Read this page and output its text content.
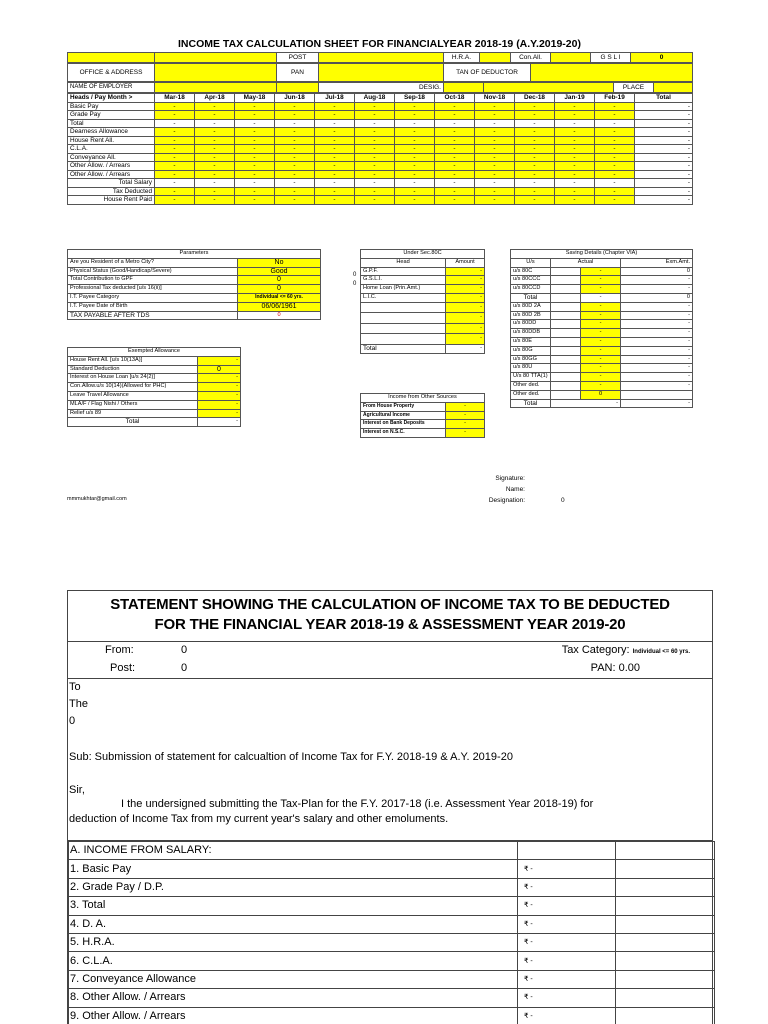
INCOME TAX CALCULATION SHEET FOR FINANCIALYEAR 2018-19 (A.Y.2019-20)
		POST		H.R.A.		Con.All.		G S L I	0
OFFICE & ADDRESS		PAN		TAN OF DEDUCTOR	
NAME OF EMPLOYER			DESIG.			PLACE	
Heads / Pay Month >	Mar-18	Apr-18	May-18	Jun-18	Jul-18	Aug-18	Sep-18	Oct-18	Nov-18	Dec-18	Jan-19	Feb-19	Total
Basic Pay	-	-	-	-	-	-	-	-	-	-	-	-	-
Grade Pay	-	-	-	-	-	-	-	-	-	-	-	-	-
Total	-	-	-	-	-	-	-	-	-	-	-	-	-
Dearness Allowance	-	-	-	-	-	-	-	-	-	-	-	-	-
House Rent All.	-	-	-	-	-	-	-	-	-	-	-	-	-
C.L.A.	-	-	-	-	-	-	-	-	-	-	-	-	-
Conveyance All.	-	-	-	-	-	-	-	-	-	-	-	-	-
Other Allow. / Arrears	-	-	-	-	-	-	-	-	-	-	-	-	-
Other Allow. / Arrears	-	-	-	-	-	-	-	-	-	-	-	-	-
Total Salary	-	-	-	-	-	-	-	-	-	-	-	-	-
Tax Deducted	-	-	-	-	-	-	-	-	-	-	-	-	-
House Rent Paid	-	-	-	-	-	-	-	-	-	-	-	-	-
Parameters	
Are you Resident of a Metro City?	No
Physical Status (Good/Handicap/Severe)	Good
Total Contribution to GPF	0
Professional Tax deducted [u/s 16(ii)]	0
I.T. Payee Category	Individual <= 60 yrs.
I.T. Payee Date of Birth	06/06/1961
TAX PAYABLE AFTER TDS	0
Exempted Allowance	
House Rent All. [u/s 10(13A)]	-
Standard Deduction	0
Interest on House Loan [u/s 24(2)]	-
Con.Allow.u/s 10(14)(Allowed for PHC)	-
Leave Travel Allowance	-
MLA/F / Flag Nishi / Others	-
Relief u/s 89	-
Total	-
Under Sec.80C	
Head	Amount
G.P.F.	-
G.S.L.I.	-
Home Loan (Prin.Amt.)	-
L.I.C.	-
	-
	-
	-
	-
Total	-
0
0
Income from Other Sources	
From House Property	-
Agricultural Income	-
Interest on Bank Deposits	-
Interest on N.S.C.	-
Saving Details (Chapter VIA)			
U/s	Actual		Exm.Amt.
u/s 80C		-	0
u/s 80CCC		-	-
u/s 80CCD		-	-
Total		-	0
u/s 80D 2A		-	-
u/s 80D 2B		-	-
u/s 80DD		-	-
u/s 80DDB		-	-
u/s 80E		-	-
u/s 80G		-	-
u/s 80GG		-	-
u/s 80U		-	-
U/s 80 TTA(1)		-	-
Other ded.		-	-
Other ded.		0	
Total	-		-
Signature:
Name:
Designation:	0
mmmukhtar@gmail.com
STATEMENT SHOWING THE CALCULATION OF INCOME TAX TO BE DEDUCTED
FOR THE FINANCIAL YEAR 2018-19 & ASSESSMENT YEAR 2019-20
From:	0	Tax Category: Individual <= 60 yrs.
Post:	0	PAN: 0.00
To
The
0
Sub: Submission of statement for calcualtion of Income Tax for F.Y. 2018-19 & A.Y. 2019-20
Sir,
I the undersigned submitting the Tax-Plan for the F.Y. 2017-18 (i.e. Assessment Year 2018-19) for
deduction of Income Tax from my current year's salary and other emoluments.
A. INCOME FROM SALARY:		
1. Basic Pay	₹ -	
2. Grade Pay / D.P.	₹ -	
3. Total	₹ -	
4. D. A.	₹ -	
5. H.R.A.	₹ -	
6. C.L.A.	₹ -	
7. Conveyance Allowance	₹ -	
8. Other Allow. / Arrears	₹ -	
9. Other Allow. / Arrears	₹ -	
